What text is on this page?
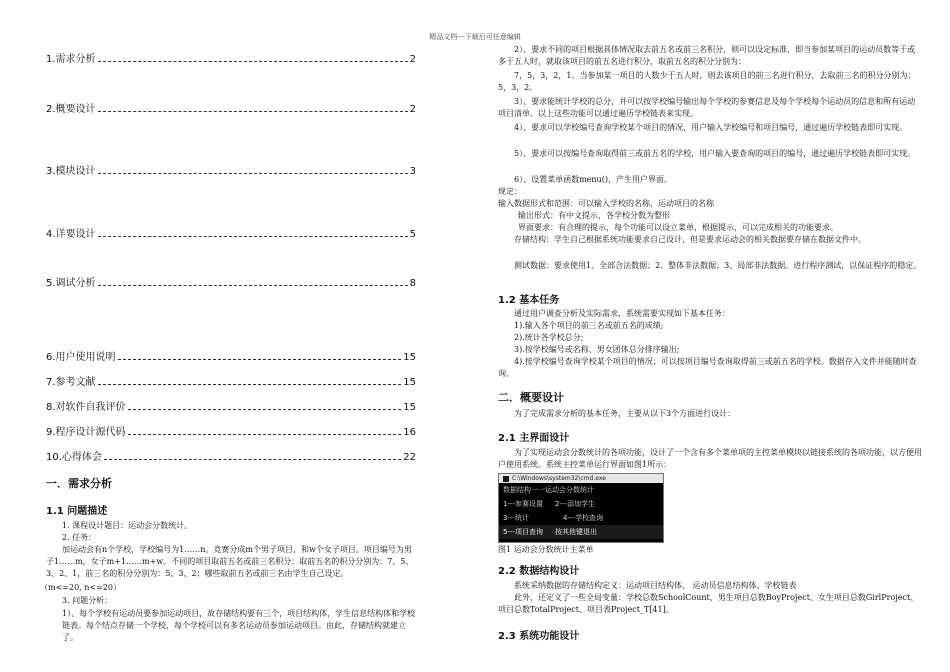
精品文档---下载后可任意编辑
1.需求分析	2
2.概要设计	2
3.模块设计	3
4.详要设计	5
5.调试分析	8
6.用户使用说明	15
7.参考文献	15
8.对软件自我评价	15
9.程序设计源代码	16
10.心得体会	22
一．需求分析
1.1 问题描述
1. 课程设计题目：运动会分数统计。
2. 任务：
加运动会有n个学校，学校编号为1……n。竞赛分成m个男子项目，和w个女子项目。项目编号为男子1……m，女子m+1……m+w。不同的项目取前五名或前三名积分：取前五名的积分分别为：7、5、3、2、1，前三名的积分分别为：5、3、2；哪些取前五名或前三名由学生自己设定。
（m<=20, n<=20）
3. 问题分析：
1）、每个学校有运动员要参加运动项目，故存储结构要有三个，项目结构体，学生信息结构体和学校链表。每个结点存储一个学校，每个学校可以有多名运动员参加运动项目。由此，存储结构就建立了。
2）、要求不同的项目根据具体情况取去前五名或前三名积分，则可以设定标准，即当参加某项目的运动员数等于或多于五人时，就取该项目的前五名进行积分，取前五名的积分分别为：
7，5，3，2，1。当参加某一项目的人数少于五人时，则去该项目的前三名进行积分，去取前三名的积分分别为：5，3，2。
3）、要求能统计学校的总分，并可以按学校编号输出每个学校的参赛信息及每个学校每个运动员的信息和所有运动项目清单。以上这些功能可以通过遍历学校链表来实现。
4）、要求可以学校编号查询学校某个项目的情况，用户输入学校编号和项目编号，通过遍历学校链表即可实现。
5）、要求可以按编号查询取得前三或前五名的学校，用户输入要查询的项目的编号，通过遍历学校链表即可实现。
6）、设置菜单函数menu()，产生用户界面。
规定：
输入数据形式和范围：可以输入学校的名称，运动项目的名称
输出形式：有中文提示，各学校分数为整形
界面要求：有合理的提示，每个功能可以设立菜单，根据提示，可以完成相关的功能要求。
存储结构：学生自己根据系统功能要求自己设计，但是要求运动会的相关数据要存储在数据文件中。
测试数据：要求使用1、全部合法数据；2、整体非法数据；3、局部非法数据。进行程序测试，以保证程序的稳定。
1.2 基本任务
通过用户调查分析及实际需求，系统需要实现如下基本任务：
1).输入各个项目的前三名或前五名的成绩;
2).统计各学校总分;
3).按学校编号或名称、男女团体总分排序输出;
4).按学校编号查询学校某个项目的情况；可以按项目编号查询取得前三或前五名的学校。数据存入文件并能随时查询。
二．概要设计
为了完成需求分析的基本任务，主要从以下3个方面进行设计：
2.1 主界面设计
为了实现运动会分数统计的各项功能，设计了一个含有多个菜单项的主控菜单模块以链接系统的各项功能，以方便用户使用系统。系统主控菜单运行界面如图1所示：
C:\Windows\system32\cmd.exe
数据结构一一运动会分数统计
1---参赛设置 2---添加学生
3---统计	4---学校查询
5---项目查询 按其他键退出
图1 运动会分数统计主菜单
2.2 数据结构设计
系统采纳数据的存储结构定义：运动项目结构体、 运动员信息结构体、学校链表
此外，还定义了一些全局变量：学校总数SchoolCount、男生项目总数BoyProject、女生项目总数GirlProject、项目总数TotalProject、项目表Project_T[41]。
2.3 系统功能设计
